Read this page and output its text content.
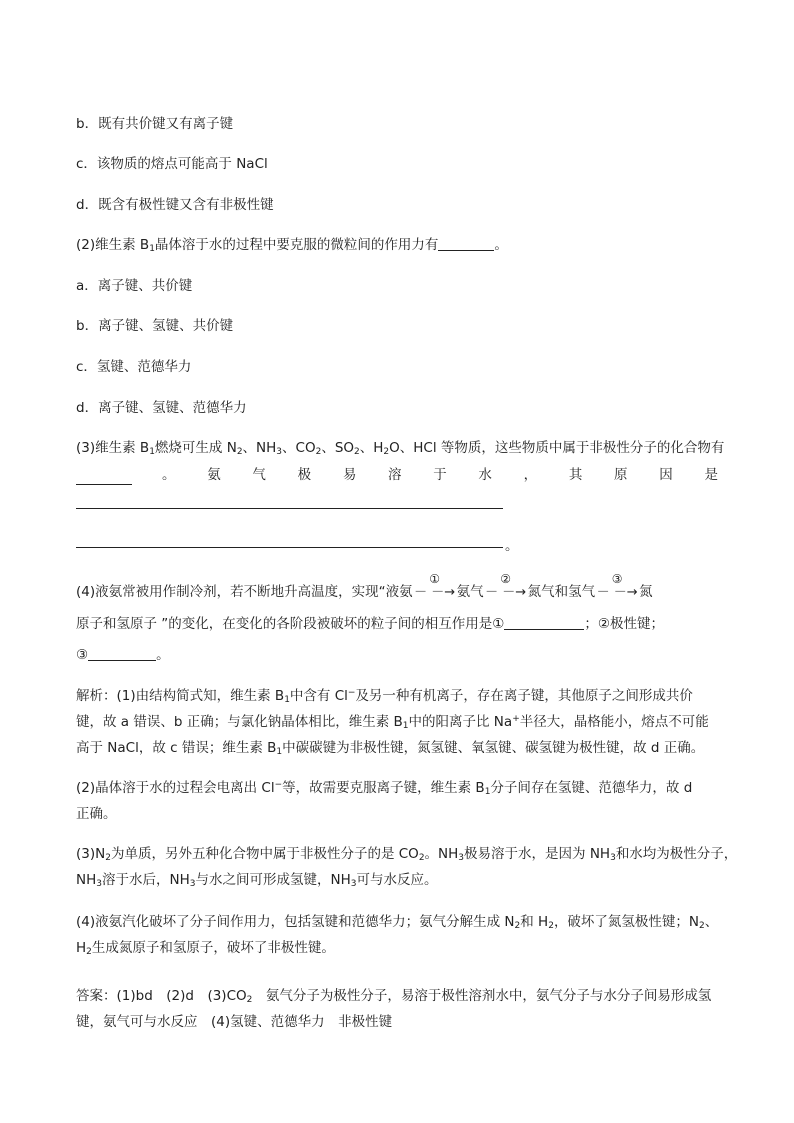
b．既有共价键又有离子键
c．该物质的熔点可能高于 NaCl
d．既含有极性键又含有非极性键
(2)维生素 $B_1$晶体溶于水的过程中要克服的微粒间的作用力有	。
a．离子键、共价键
b．离子键、氢键、共价键
c．氢键、范德华力
d．离子键、氢键、范德华力
(3)维生素 $B_1$燃烧可生成 $N_2$、$NH_3$、$CO_2$、$SO_2$、$H_2O$、HCl 等物质，这些物质中属于非极性分子的化合物有
。 氨 气 极 易 溶 于 水 ， 其 原 因 是
。
(4)液氨常被用作制冷剂，若不断地升高温度，实现“液氨
①
－ －→氨气
②
－ －→氮气和氢气
③
－ －→氮
原子和氢原子 ”的变化，在变化的各阶段被破坏的粒子间的相互作用是①	；②极性键；
③	。
解析：(1)由结构简式知，维生素 $B_1$中含有 Cl−及另一种有机离子，存在离子键，其他原子之间形成共价
键，故 a 错误、b 正确；与氯化钠晶体相比，维生素 $B_1$中的阳离子比 Na+半径大，晶格能小，熔点不可能
高于 NaCl，故 c 错误；维生素 $B_1$中碳碳键为非极性键，氮氢键、氧氢键、碳氢键为极性键，故 d 正确。
(2)晶体溶于水的过程会电离出 Cl−等，故需要克服离子键，维生素 $B_1$分子间存在氢键、范德华力，故 d
正确。
$(3)N_2$为单质，另外五种化合物中属于非极性分子的是 $CO_2$。$NH_3$极易溶于水，是因为 $NH_3$和水均为极性分子，
$NH_3$溶于水后，$NH_3$与水之间可形成氢键，$NH_3$可与水反应。
(4)液氨汽化破坏了分子间作用力，包括氢键和范德华力；氨气分解生成 $N_2$和 $H_2$，破坏了氮氢极性键；$N_2$、
$H_2$生成氮原子和氢原子，破坏了非极性键。
答案：(1)bd　(2)d　$(3)CO_2$　氨气分子为极性分子，易溶于极性溶剂水中，氨气分子与水分子间易形成氢
键，氨气可与水反应　(4)氢键、范德华力　非极性键
